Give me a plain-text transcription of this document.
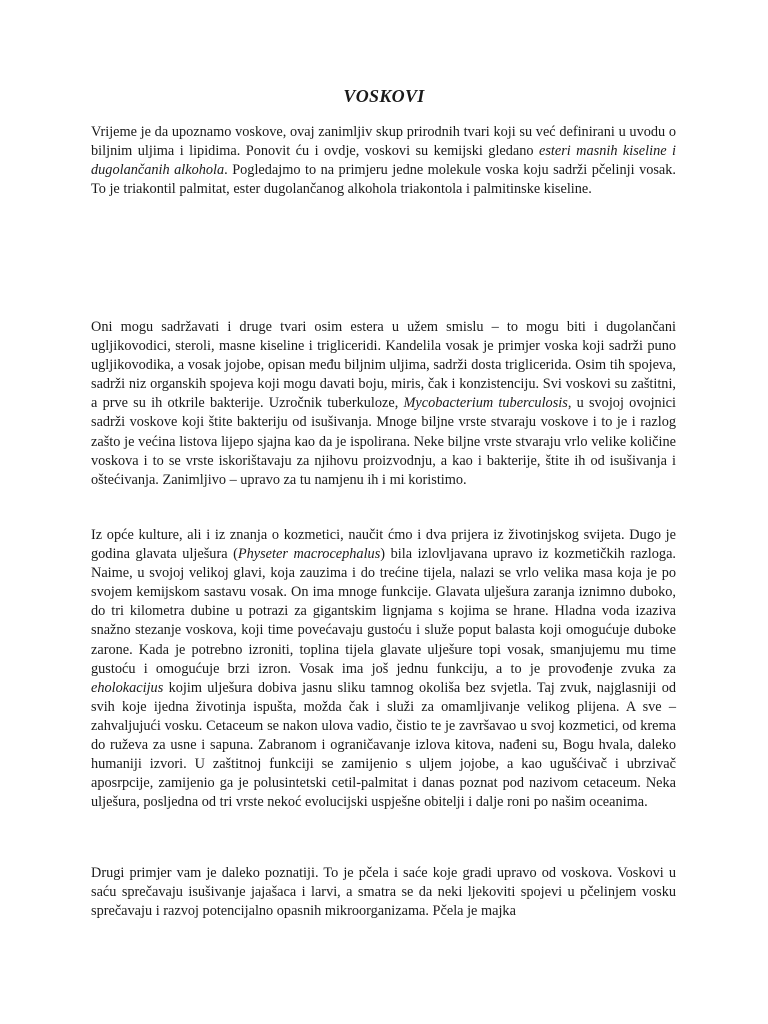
VOSKOVI

Vrijeme je da upoznamo voskove, ovaj zanimljiv skup prirodnih tvari koji su već definirani u uvodu o biljnim uljima i lipidima. Ponovit ću i ovdje, voskovi su kemijski gledano esteri masnih kiseline i dugolančanih alkohola. Pogledajmo to na primjeru jedne molekule voska koju sadrži pčelinji vosak. To je triakontil palmitat, ester dugolančanog alkohola triakontola i palmitinske kiseline.

Oni mogu sadržavati i druge tvari osim estera u užem smislu – to mogu biti i dugolančani ugljikovodici, steroli, masne kiseline i trigliceridi. Kandelila vosak je primjer voska koji sadrži puno ugljikovodika, a vosak jojobe, opisan među biljnim uljima, sadrži dosta triglicerida. Osim tih spojeva, sadrži niz organskih spojeva koji mogu davati boju, miris, čak i konzistenciju. Svi voskovi su zaštitni, a prve su ih otkrile bakterije. Uzročnik tuberkuloze, Mycobacterium tuberculosis, u svojoj ovojnici sadrži voskove koji štite bakteriju od isušivanja. Mnoge biljne vrste stvaraju voskove i to je i razlog zašto je većina listova lijepo sjajna kao da je ispolirana. Neke biljne vrste stvaraju vrlo velike količine voskova i to se vrste iskorištavaju za njihovu proizvodnju, a kao i bakterije, štite ih od isušivanja i oštećivanja. Zanimljivo – upravo za tu namjenu ih i mi koristimo.

Iz opće kulture, ali i iz znanja o kozmetici, naučit ćmo i dva prijera iz životinjskog svijeta. Dugo je godina glavata ulješura (Physeter macrocephalus) bila izlovljavana upravo iz kozmetičkih razloga. Naime, u svojoj velikoj glavi, koja zauzima i do trećine tijela, nalazi se vrlo velika masa koja je po svojem kemijskom sastavu vosak. On ima mnoge funkcije. Glavata ulješura zaranja iznimno duboko, do tri kilometra dubine u potrazi za gigantskim lignjama s kojima se hrane. Hladna voda izaziva snažno stezanje voskova, koji time povećavaju gustoću i služe poput balasta koji omogućuje duboke zarone. Kada je potrebno izroniti, toplina tijela glavate ulješure topi vosak, smanjujemu mu time gustoću i omogućuje brzi izron. Vosak ima još jednu funkciju, a to je provođenje zvuka za eholokacijus kojim ulješura dobiva jasnu sliku tamnog okoliša bez svjetla. Taj zvuk, najglasniji od svih koje ijedna životinja ispušta, možda čak i služi za omamljivanje velikog plijena. A sve – zahvaljujući vosku. Cetaceum se nakon ulova vadio, čistio te je završavao u svoj kozmetici, od krema do ruževa za usne i sapuna. Zabranom i ograničavanje izlova kitova, nađeni su, Bogu hvala, daleko humaniji izvori. U zaštitnoj funkciji se zamijenio s uljem jojobe, a kao ugušćivač i ubrzivač aposrpcije, zamijenio ga je polusintetski cetil-palmitat i danas poznat pod nazivom cetaceum. Neka ulješura, posljedna od tri vrste nekoć evolucijski uspješne obitelji i dalje roni po našim oceanima.

Drugi primjer vam je daleko poznatiji. To je pčela i saće koje gradi upravo od voskova. Voskovi u saću sprečavaju isušivanje jajašaca i larvi, a smatra se da neki ljekoviti spojevi u pčelinjem vosku sprečavaju i razvoj potencijalno opasnih mikroorganizama. Pčela je majka
